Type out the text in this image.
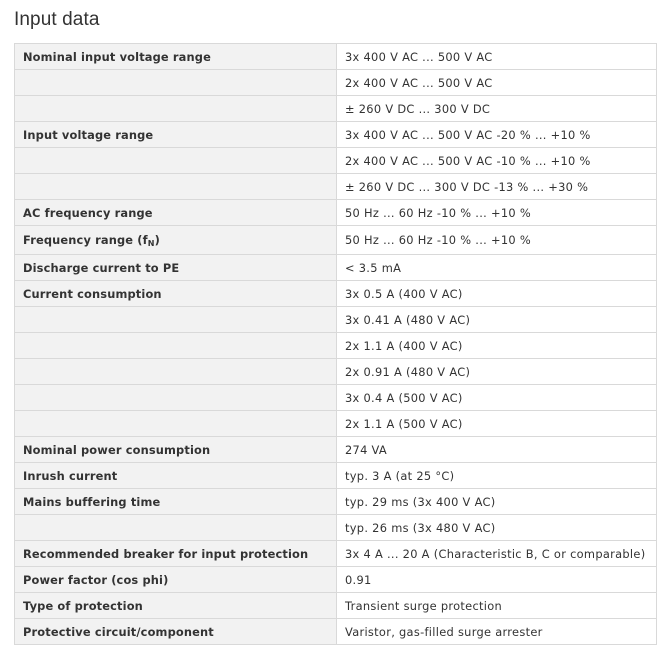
Input data
Nominal input voltage range	3x 400 V AC ... 500 V AC
	2x 400 V AC ... 500 V AC
	± 260 V DC ... 300 V DC
Input voltage range	3x 400 V AC ... 500 V AC -20 % ... +10 %
	2x 400 V AC ... 500 V AC -10 % ... +10 %
	± 260 V DC ... 300 V DC -13 % ... +30 %
AC frequency range	50 Hz ... 60 Hz -10 % ... +10 %
Frequency range $(f_N)$	50 Hz ... 60 Hz -10 % ... +10 %
Discharge current to PE	< 3.5 mA
Current consumption	3x 0.5 A (400 V AC)
	3x 0.41 A (480 V AC)
	2x 1.1 A (400 V AC)
	2x 0.91 A (480 V AC)
	3x 0.4 A (500 V AC)
	2x 1.1 A (500 V AC)
Nominal power consumption	274 VA
Inrush current	typ. 3 A (at 25 °C)
Mains buffering time	typ. 29 ms (3x 400 V AC)
	typ. 26 ms (3x 480 V AC)
Recommended breaker for input protection	3x 4 A ... 20 A (Characteristic B, C or comparable)
Power factor (cos phi)	0.91
Type of protection	Transient surge protection
Protective circuit/component	Varistor, gas-filled surge arrester
